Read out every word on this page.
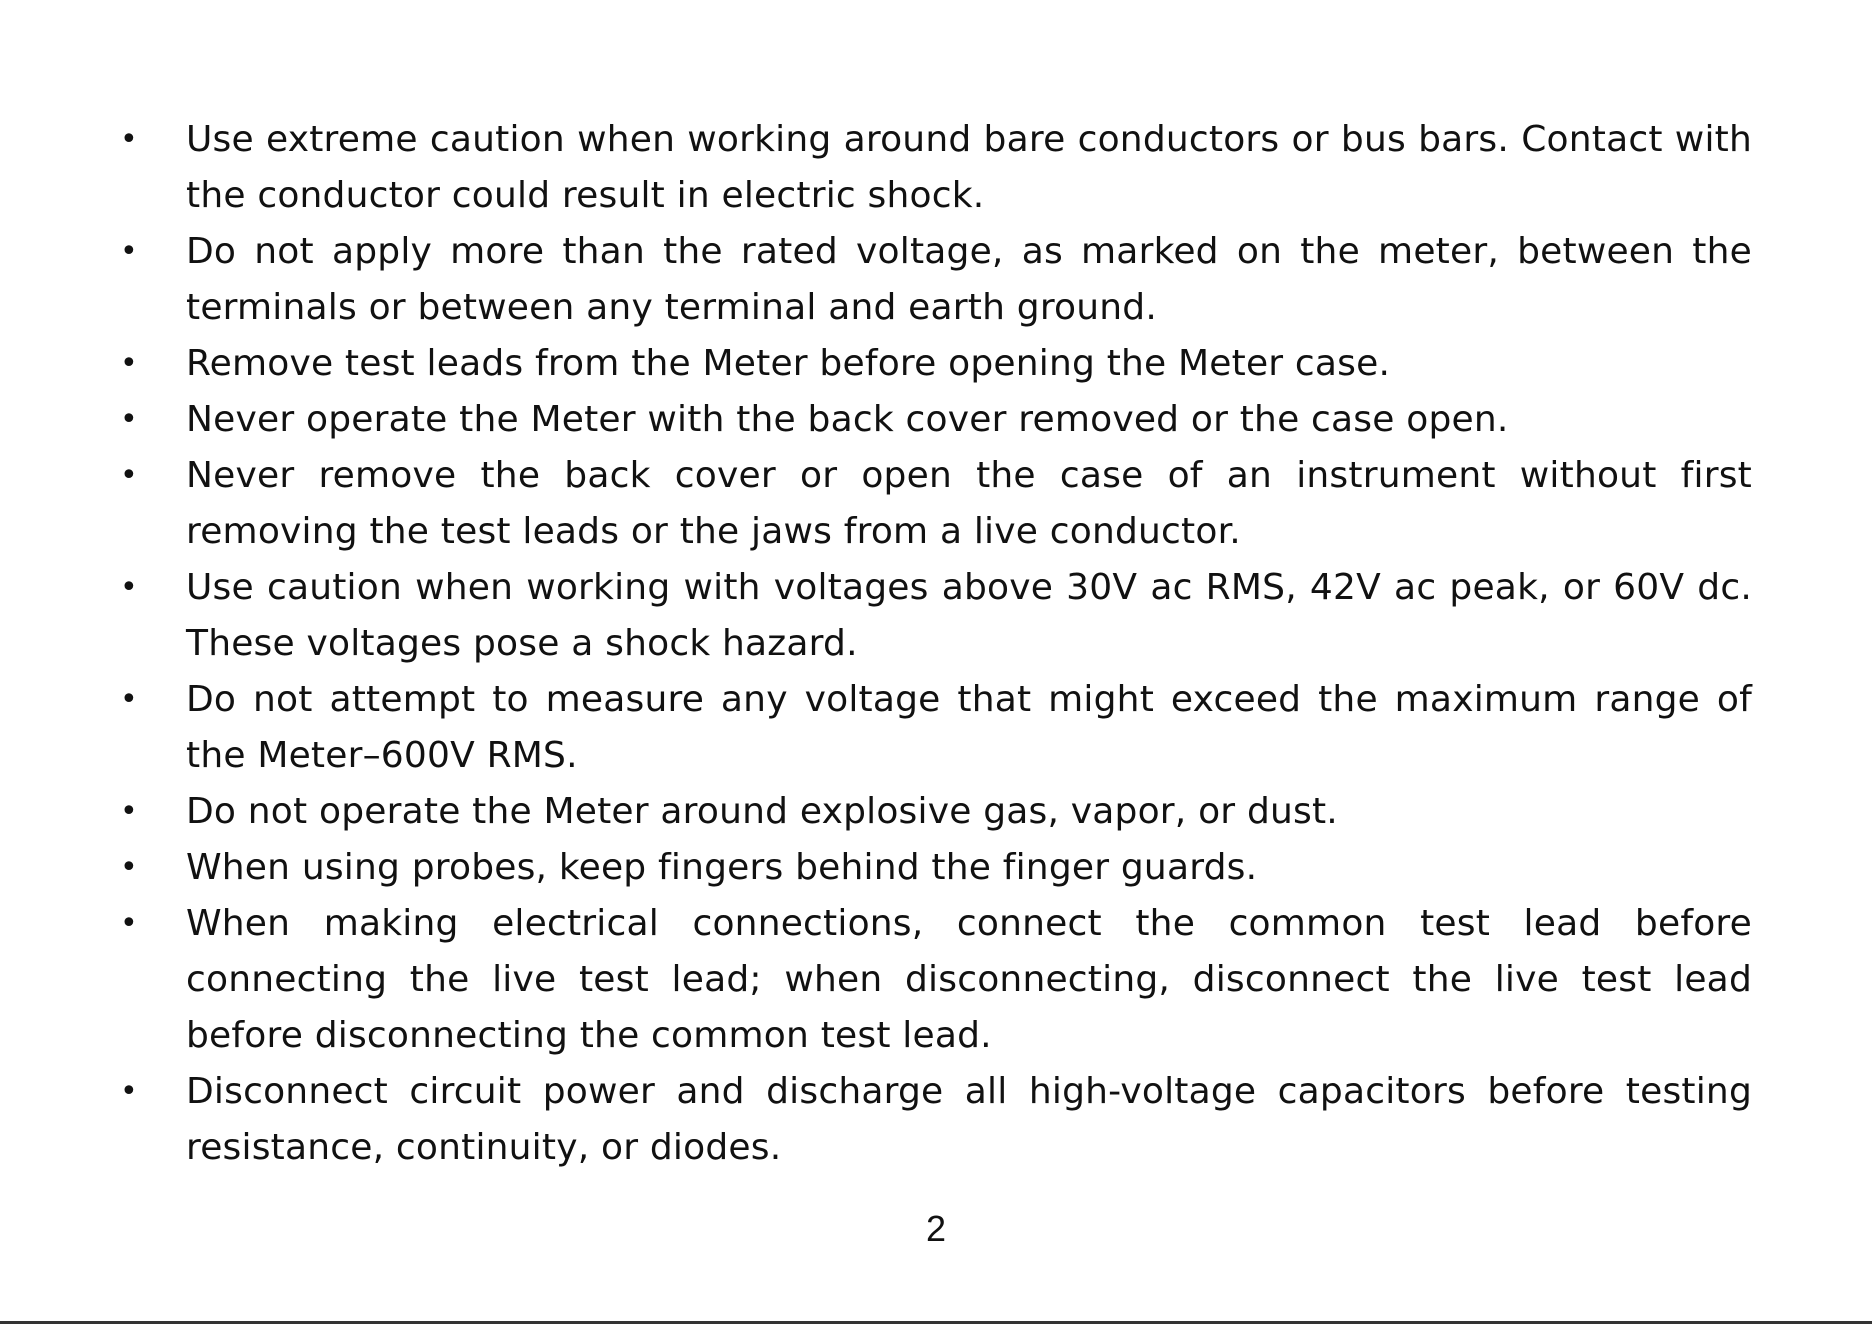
• Use extreme caution when working around bare conductors or bus bars. Contact with the conductor could result in electric shock.
• Do not apply more than the rated voltage, as marked on the meter, between the terminals or between any terminal and earth ground.
• Remove test leads from the Meter before opening the Meter case.
• Never operate the Meter with the back cover removed or the case open.
• Never remove the back cover or open the case of an instrument without first removing the test leads or the jaws from a live conductor.
• Use caution when working with voltages above 30V ac RMS, 42V ac peak, or 60V dc. These voltages pose a shock hazard.
• Do not attempt to measure any voltage that might exceed the maximum range of the Meter–600V RMS.
• Do not operate the Meter around explosive gas, vapor, or dust.
• When using probes, keep fingers behind the finger guards.
• When making electrical connections, connect the common test lead before connecting the live test lead; when disconnecting, disconnect the live test lead before disconnecting the common test lead.
• Disconnect circuit power and discharge all high-voltage capacitors before testing resistance, continuity, or diodes.
2
